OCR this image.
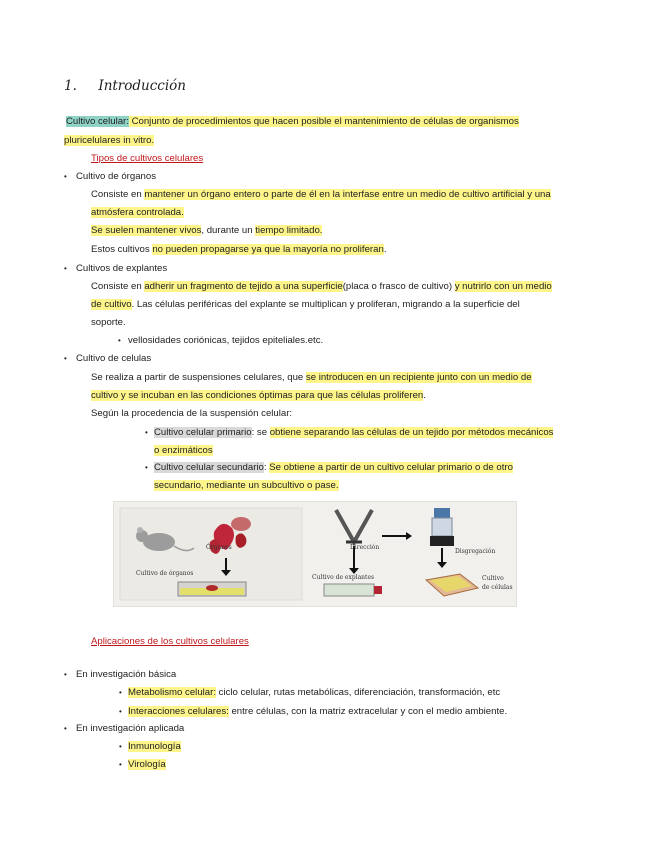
1. Introducción
Cultivo celular: Conjunto de procedimientos que hacen posible el mantenimiento de células de organismos
pluricelulares in vitro.
Tipos de cultivos celulares
• Cultivo de órganos
Consiste en mantener un órgano entero o parte de él en la interfase entre un medio de cultivo artificial y una
atmósfera controlada.
Se suelen mantener vivos, durante un tiempo limitado.
Estos cultivos no pueden propagarse ya que la mayoría no proliferan.
• Cultivos de explantes
Consiste en adherir un fragmento de tejido a una superficie(placa o frasco de cultivo) y nutrirlo con un medio
de cultivo. Las células periféricas del explante se multiplican y proliferan, migrando a la superficie del
soporte.
• vellosidades coriónicas, tejidos epiteliales.etc.
• Cultivo de celulas
Se realiza a partir de suspensiones celulares, que se introducen en un recipiente junto con un medio de
cultivo y se incuban en las condiciones óptimas para que las células proliferen.
Según la procedencia de la suspensión celular:
• Cultivo celular primario: se obtiene separando las células de un tejido por métodos mecánicos
o enzimáticos
• Cultivo celular secundario: Se obtiene a partir de un cultivo celular primario o de otro
secundario, mediante un subcultivo o pase.
Órganos
Cultivo de órganos
Dirección
Cultivo de explantes
Disgregación
Cultivo
de células
Aplicaciones de los cultivos celulares
• En investigación básica
• Metabolismo celular: ciclo celular, rutas metabólicas, diferenciación, transformación, etc
• Interacciones celulares: entre células, con la matriz extracelular y con el medio ambiente.
• En investigación aplicada
• Inmunología
• Virología
